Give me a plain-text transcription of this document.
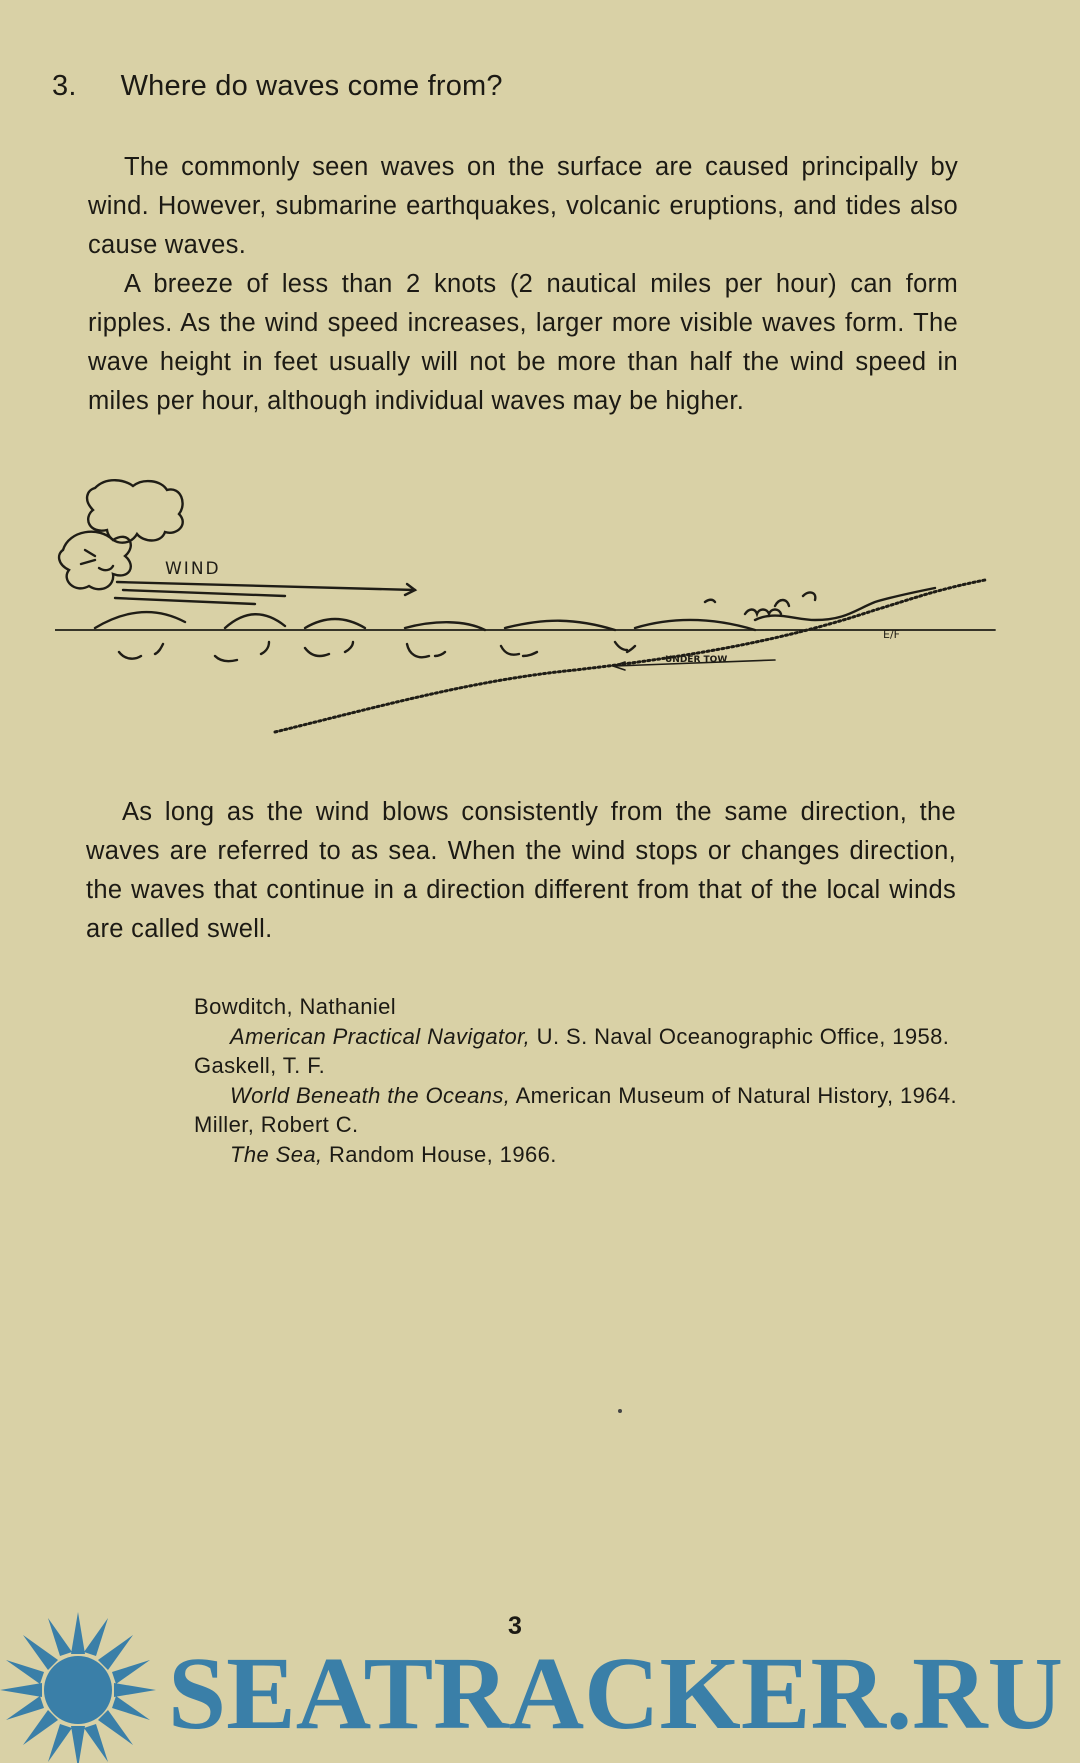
3. Where do waves come from?

The commonly seen waves on the surface are caused principally by wind. However, submarine earthquakes, volcanic eruptions, and tides also cause waves.

A breeze of less than 2 knots (2 nautical miles per hour) can form ripples. As the wind speed increases, larger more visible waves form. The wave height in feet usually will not be more than half the wind speed in miles per hour, although individual waves may be higher.

WIND
UNDER TOW
E/F

As long as the wind blows consistently from the same direction, the waves are referred to as sea. When the wind stops or changes direction, the waves that continue in a direction different from that of the local winds are called swell.

Bowditch, Nathaniel
American Practical Navigator, U. S. Naval Oceanographic Office, 1958.
Gaskell, T. F.
World Beneath the Oceans, American Museum of Natural History, 1964.
Miller, Robert C.
The Sea, Random House, 1966.
3
SEATRACKER.RU
